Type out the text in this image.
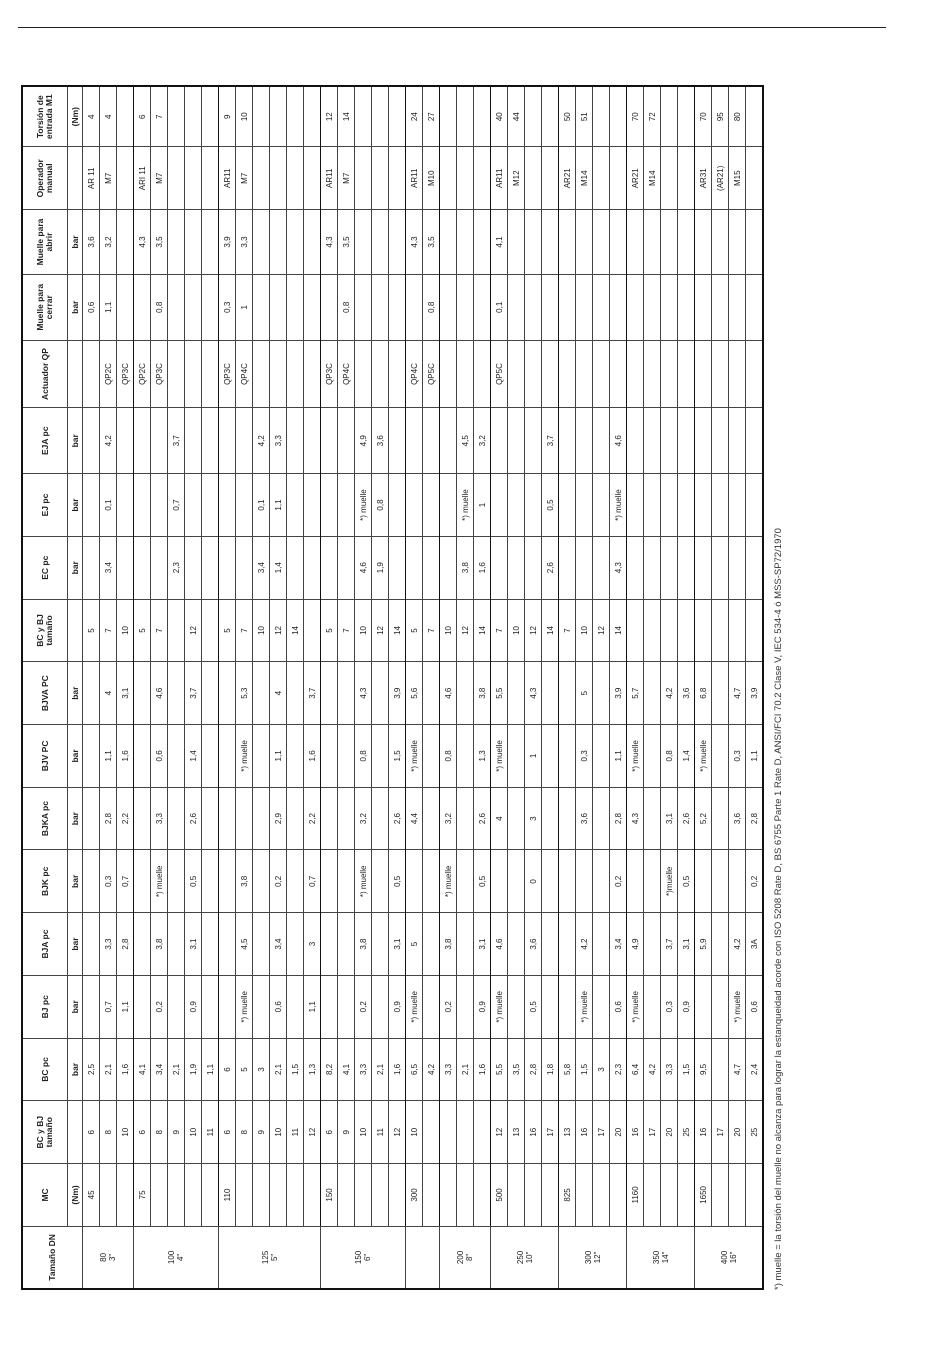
Tamaño DN	MC	BC y BJ tamaño	BC pc	BJ pc	BJA pc	BJK pc	BJKA pc	BJV PC	BJVA PC	BC y BJ tamaño	EC pc	EJ pc	EJA pc	Actuador QP	Muelle para cerrar	Muelle para abrir	Operador manual	Torsión de entrada M1
	(Nm)		bar	bar	bar	bar	bar	bar	bar		bar	bar	bar		bar	bar		(Nm)
80
3"	45	6	2,5							5					0,6	3,6	AR 11	4
		8	2,1	0,7	3,3	0,3	2,8	1,1	4	7	3,4	0,1	4,2	QP2C	1,1	3,2	M7	4
		10	1,6	1,1	2,8	0,7	2,2	1,6	3,1	10				QP3C				
100
4"	75	6	4,1							5				QP2C		4,3	ARI 11	6
		8	3,4	0,2	3,8	*) muelle	3,3	0,6	4,6	7				QP3C	0,8	3,5	M7	7
		9	2,1								2,3	0,7	3,7					
		10	1,9	0,9	3,1	0,5	2,6	1,4	3,7	12								
		11	1,1															
125
5"	110	6	6							5				QP3C	0,3	3,9	AR11	9
		8	5	*) muelle	4,5	3,8		*) muelle	5,3	7				QP4C	1	3,3	M7	10
		9	3							10	3,4	0,1	4,2					
		10	2,1	0,6	3,4	0,2	2,9	1,1	4	12	1,4	1,1	3,3					
		11	1,5							14								
		12	1,3	1,1	3	0,7	2,2	1,6	3,7									
150
6"	150	6	8,2							5				QP3C		4,3	AR11	12
		9	4,1							7				QP4C	0,8	3,5	M7	14
		10	3,3	0,2	3,8	*) muelle	3,2	0,8	4,3	10	4,6	*) muelle	4,9					
		11	2,1							12	1,9	0,8	3,6					
		12	1,6	0,9	3,1	0,5	2,6	1,5	3,9	14								
	300	10	6,5	*) muelle	5		4,4	*) muelle	5,6	5				QP4C		4,3	AR11	24
			4,2							7				QP5C	0,8	3,5	M10	27
200
8"			3,3	0,2	3,8	*) muelle	3,2	0,8	4,6	10								
			2,1							12	3,8	*) muelle	4,5					
			1,6	0,9	3,1	0,5	2,6	1,3	3,8	14	1,6	1	3,2					
250
10"	500	12	5,5	*) muelle	4,6		4	*) muelle	5,5	7				QP5C	0,1	4,1	AR11	40
		13	3,5							10							M12	44
		16	2,8	0,5	3,6	0	3	1	4,3	12								
		17	1,8							14	2,6	0,5	3,7					
300
12"	825	13	5,8							7							AR21	50
		16	1,5	*) muelle	4,2		3,6	0,3	5	10							M14	51
		17	3							12								
		20	2,3	0,6	3,4	0,2	2,8	1,1	3,9	14	4,3	*) muelle	4,6					
350
14"	1160	16	6,4	*) muelle	4,9		4,3	*) muelle	5,7								AR21	70
		17	4,2														M14	72
		20	3,3	0,3	3,7	*)muelle	3,1	0,8	4,2									
		25	1,5	0,9	3,1	0,5	2,6	1,4	3,6									
400
16"	1650	16	9,5		5,9		5,2	*) muelle	6,8								AR31	70
		17															(AR21)	95
		20	4,7	*) muelle	4,2		3,6	0,3	4,7								M15	80
		25	2,4	0,6	3A	0,2	2,8	1,1	3,9									*) muelle = la torsión del muelle no alcanza para lograr la estanqueidad acorde con ISO 5208 Rate D, BS 6755 Parte 1 Rate D, ANSI/FCI 70.2 Clase V, IEC 534-4 ó MSS-SP72/1970
